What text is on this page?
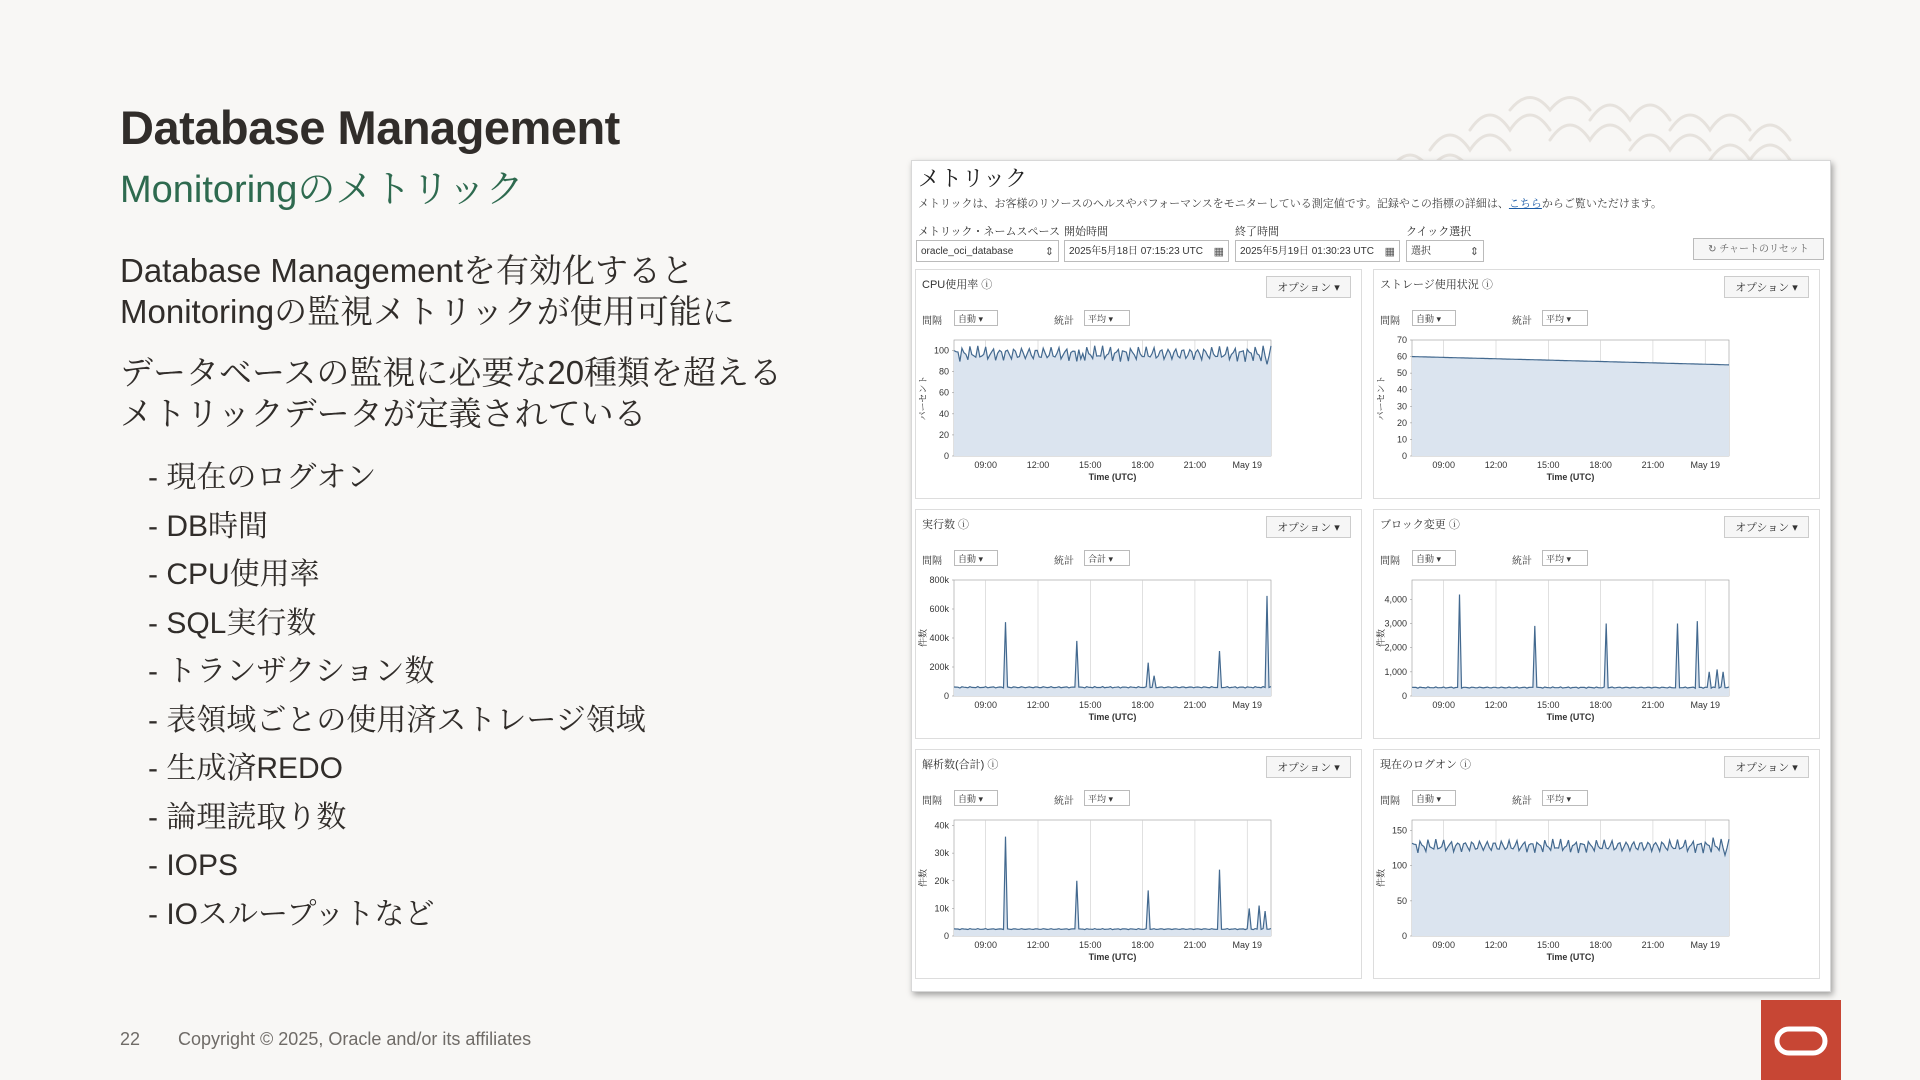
Database Management
Monitoringのメトリック
Database Managementを有効化すると Monitoringの監視メトリックが使用可能に
データベースの監視に必要な20種類を超える メトリックデータが定義されている
- 現在のログオン
- DB時間
- CPU使用率
- SQL実行数
- トランザクション数
- 表領域ごとの使用済ストレージ領域
- 生成済REDO
- 論理読取り数
- IOPS
- IOスループットなど
メトリック
メトリックは、お客様のリソースのヘルスやパフォーマンスをモニターしている測定値です。記録やこの指標の詳細は、こちらからご覧いただけます。
メトリック・ネームスペース 開始時間	終了時間	クイック選択
oracle_oci_database	⇕	2025年5月18日 07:15:23 UTC ▦	2025年5月19日 01:30:23 UTC ▦	選択	⇕	↻ チャートのリセット
CPU使用率 ⓘ	オプション ▾
間隔	自動 ▾	統計	平均 ▾
09:00	12:00	15:00	18:00	21:00	May 19
Time (UTC)
0
20
40
60
80
100
パーセント
ストレージ使用状況 ⓘ	オプション ▾
間隔	自動 ▾	統計	平均 ▾
09:00	12:00	15:00	18:00	21:00	May 19
Time (UTC)
0
10
20
30
40
50
60
70
パーセント
実行数 ⓘ	オプション ▾
間隔	自動 ▾	統計	合計 ▾
09:00	12:00	15:00	18:00	21:00	May 19
Time (UTC)
0
200k
400k
600k
800k
件数
ブロック変更 ⓘ	オプション ▾
間隔	自動 ▾	統計	平均 ▾
09:00	12:00	15:00	18:00	21:00	May 19
Time (UTC)
0
1,000
2,000
3,000
4,000
件数
解析数(合計) ⓘ	オプション ▾
間隔	自動 ▾	統計	平均 ▾
09:00	12:00	15:00	18:00	21:00	May 19
Time (UTC)
0
10k
20k
30k
40k
件数
現在のログオン ⓘ	オプション ▾
間隔	自動 ▾	統計	平均 ▾
09:00	12:00	15:00	18:00	21:00	May 19
Time (UTC)
0
50
100
150
件数
22 Copyright © 2025, Oracle and/or its affiliates
